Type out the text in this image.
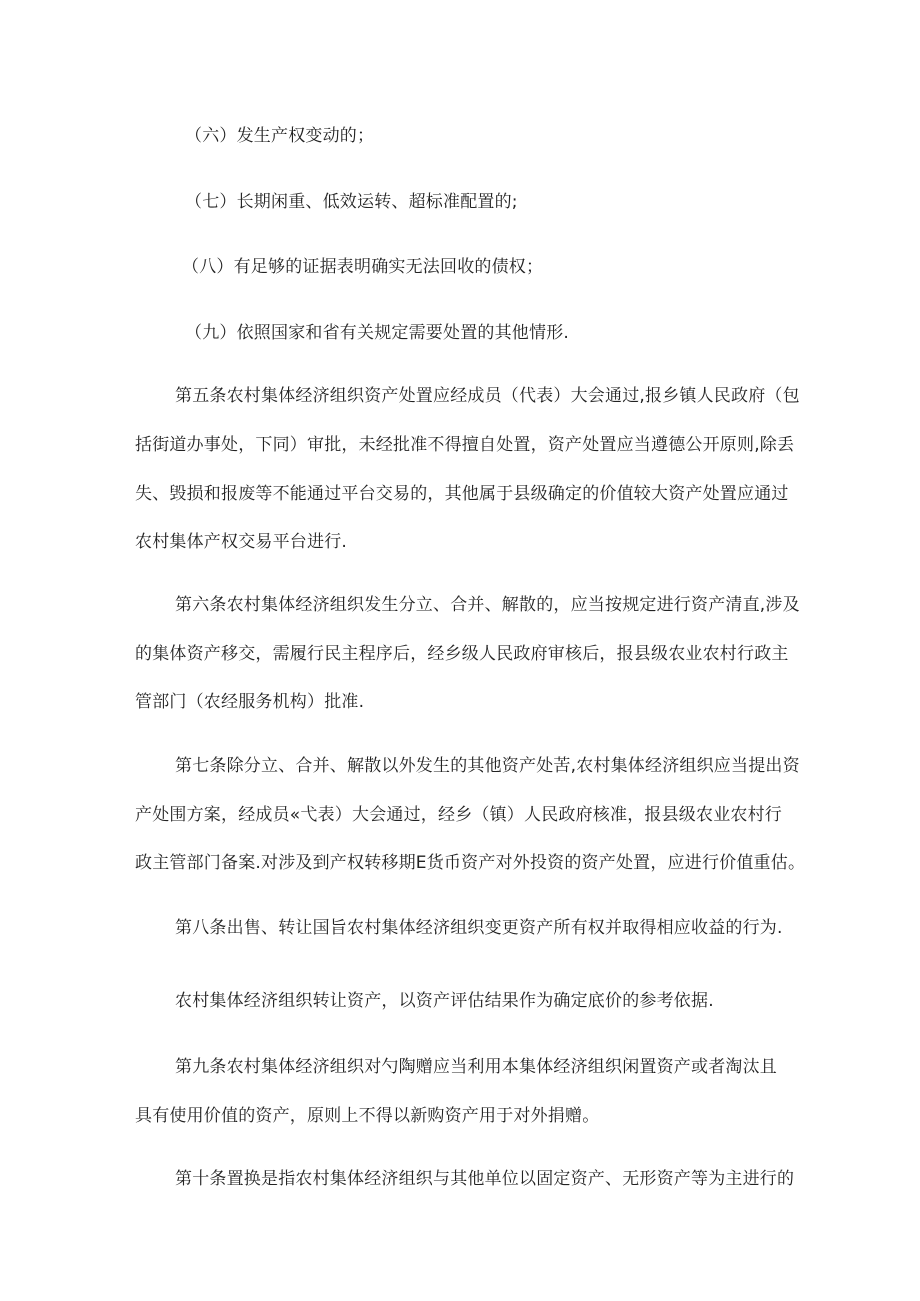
（六）发生产权变动的；
（七）长期闲重、低效运转、超标准配置的;
（八）有足够的证据表明确实无法回收的债权；
（九）依照国家和省有关规定需要处置的其他情形.
第五条农村集体经济组织资产处置应经成员（代表）大会通过,报乡镇人民政府（包
括街道办事处，下同）审批，未经批准不得擅自处置，资产处置应当遵德公开原则,除丢
失、毁损和报废等不能通过平台交易的，其他属于县级确定的价值较大资产处置应通过
农村集体产权交易平台进行.
第六条农村集体经济组织发生分立、合并、解散的，应当按规定进行资产清直,涉及
的集体资产移交，需履行民主程序后，经乡级人民政府审核后，报县级农业农村行政主
管部门（农经服务机构）批准.
第七条除分立、合并、解散以外发生的其他资产处苦,农村集体经济组织应当提出资
产处围方案，经成员«弋表）大会通过，经乡（镇）人民政府核准，报县级农业农村行
政主管部门备案.对涉及到产权转移期E货币资产对外投资的资产处置，应进行价值重估。
第八条出售、转让国旨农村集体经济组织变更资产所有权并取得相应收益的行为.
农村集体经济组织转让资产，以资产评估结果作为确定底价的参考依据.
第九条农村集体经济组织对勺陶赠应当利用本集体经济组织闲置资产或者淘汰且
具有使用价值的资产，原则上不得以新购资产用于对外捐赠。
第十条置换是指农村集体经济组织与其他单位以固定资产、无形资产等为主进行的
